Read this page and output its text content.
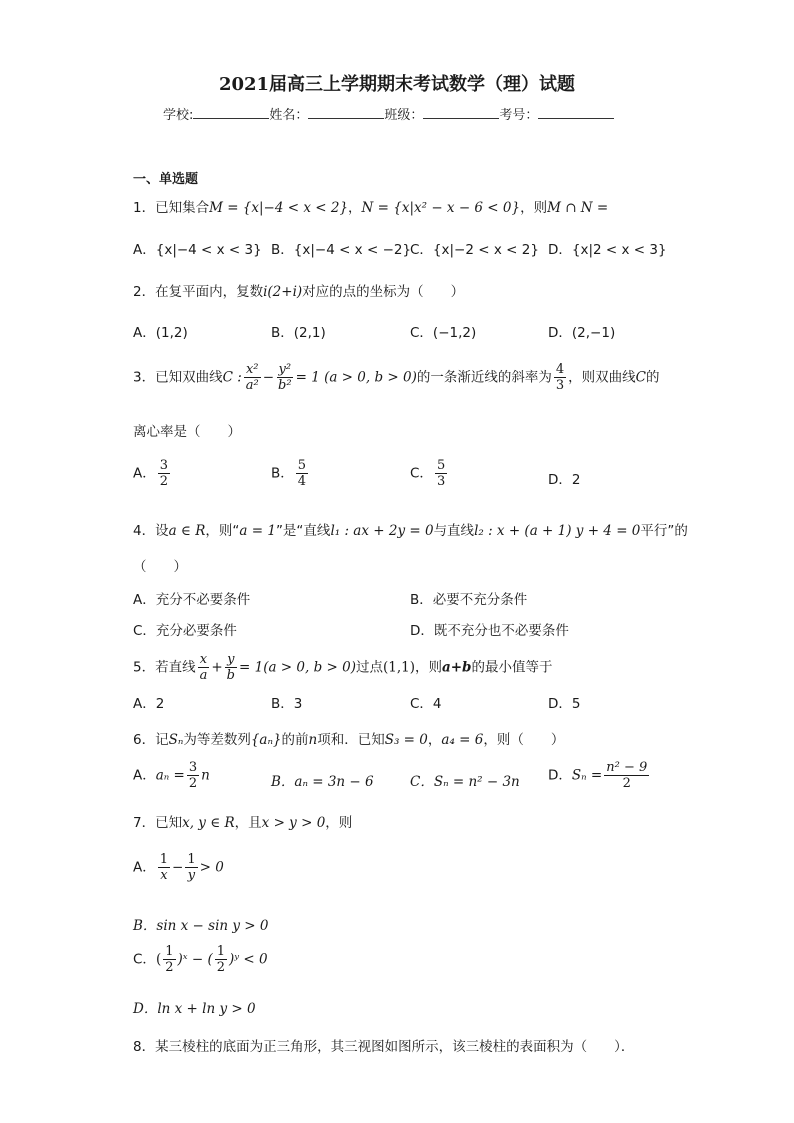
2021届高三上学期期末考试数学（理）试题
学校:	姓名：	班级：	考号：
一、单选题
1．已知集合M = {x|−4 < x < 2}，N = {x|x² − x − 6 < 0}，则M ∩ N =
A．{x|−4 < x < 3} B．{x|−4 < x < −2}
C．{x|−2 < x < 2} D．{x|2 < x < 3}
2．在复平面内，复数i(2+i)对应的点的坐标为（　　）
A．(1,2)	B．(2,1)	C．(−1,2)	D．(2,−1)
3．已知双曲线C : $\frac{\text{x²}}{\text{a²}} - \frac{\text{y²}}{\text{b²}} = 1$ (a > 0, b > 0)的一条渐近线的斜率为 $\frac{4}{3}$ ，则双曲线C的
离心率是（　　）
A． $\frac{3}{2}$	B． $\frac{5}{4}$	C． $\frac{5}{3}$	D．2
4．设a ∈ R，则“a = 1”是“直线l₁ : ax + 2y = 0与直线l₂ : x + (a + 1) y + 4 = 0平行”的
（　　）
A．充分不必要条件	B．必要不充分条件
C．充分必要条件	D．既不充分也不必要条件
5．若直线 $\frac{x}{a} + \frac{y}{b} = 1(a > 0$, b > 0)过点(1,1)，则a+b的最小值等于
A．2	B．3	C．4	D．5
6．记Sₙ为等差数列{aₙ}的前n项和．已知S₃ = 0，a₄ = 6，则（　　）
A．$a_n = \frac{3}{2}$ n	B．aₙ = 3n − 6	C．Sₙ = n² − 3n D．$S_n = \frac{\text{n² − 9}}{2}$
7．已知x, y ∈ R，且x > y > 0，则
A． $\frac{1}{x} - \frac{1}{y} > 0$
B．sin x − sin y > 0
C．( $\frac{1}{2}$ )ˣ − ( $\frac{1}{2}$ )ʸ < 0
D．ln x + ln y > 0
8．某三棱柱的底面为正三角形，其三视图如图所示，该三棱柱的表面积为（　　）．
